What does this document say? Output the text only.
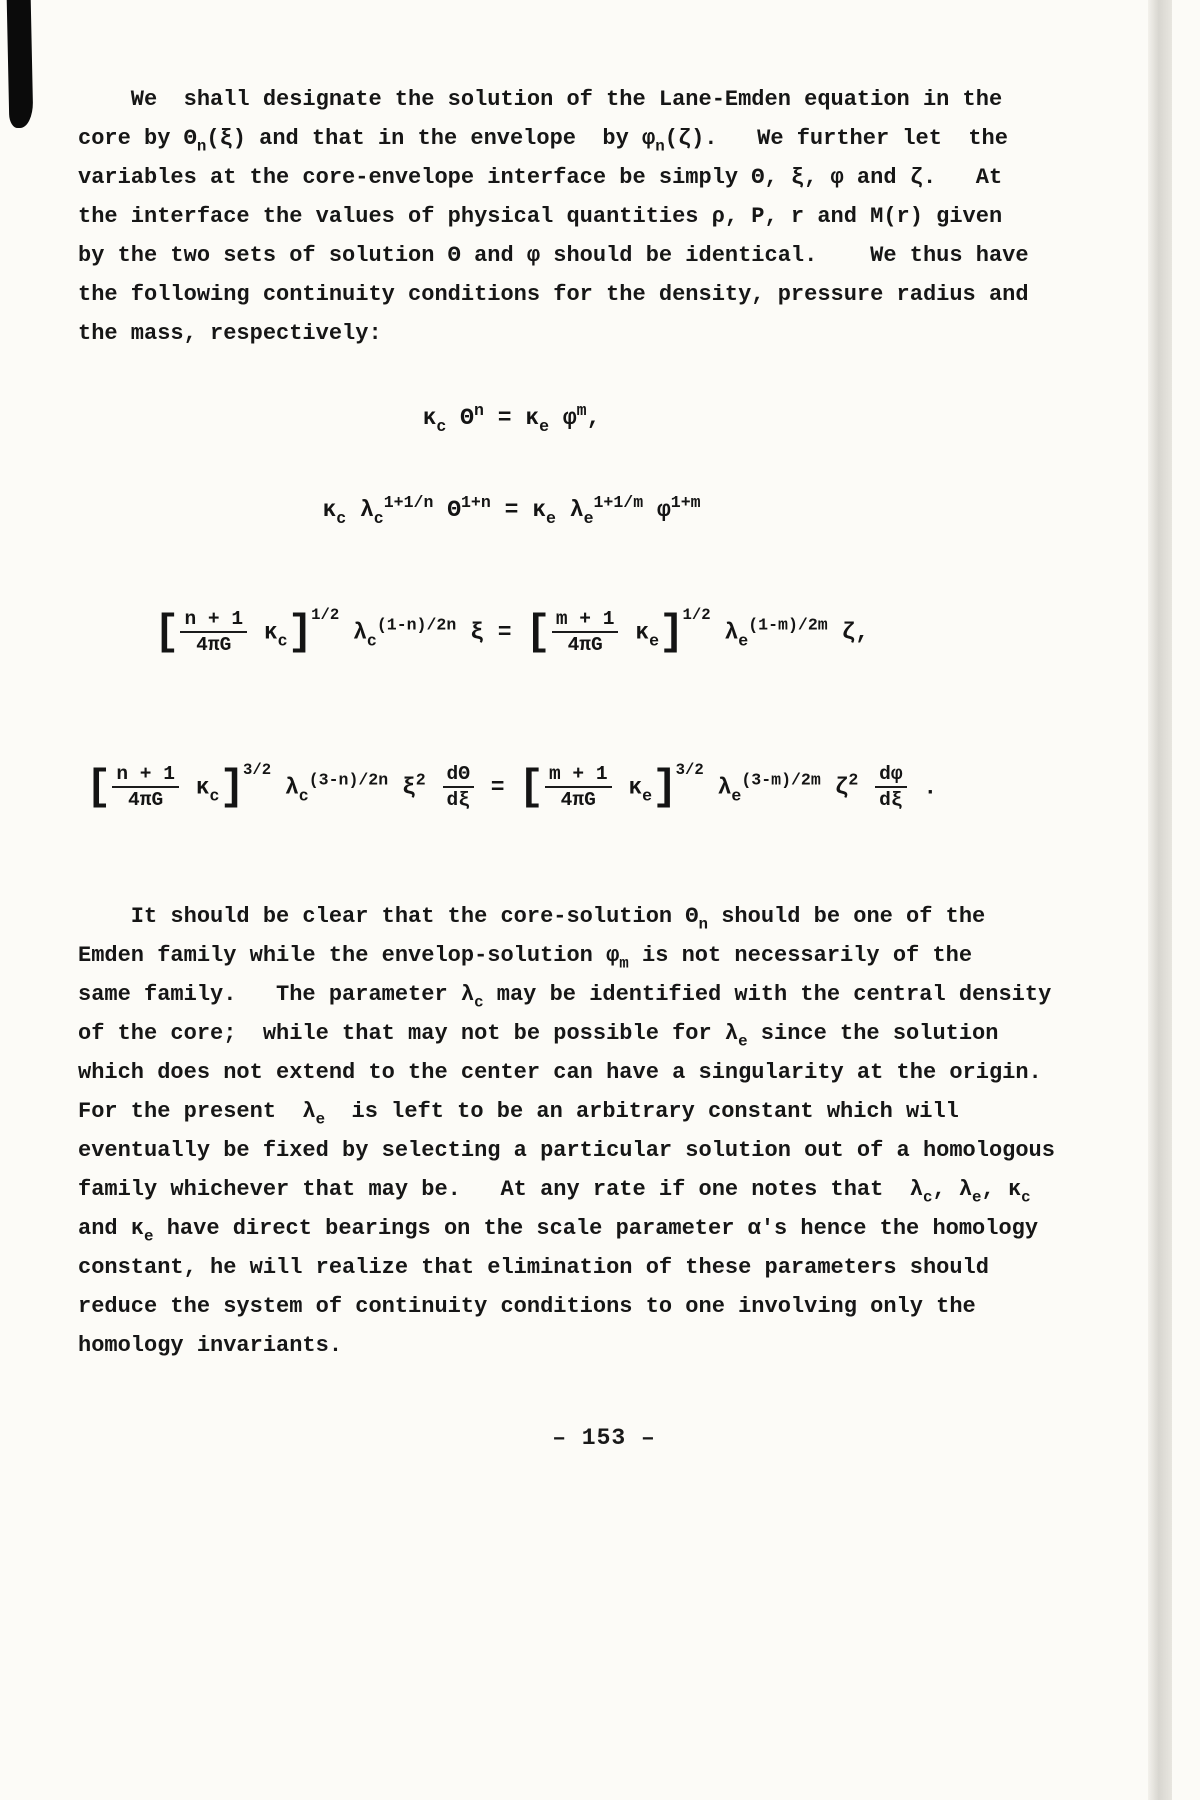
We  shall designate the solution of the Lane-Emden equation in the
core by $\Theta_n(\xi)$ and that in the envelope  by $\varphi_n(\zeta)$.   We further let  the
variables at the core-envelope interface be simply Θ, ξ, φ and ζ.   At
the interface the values of physical quantities ρ, P, r and M(r) given
by the two sets of solution Θ and φ should be identical.    We thus have
the following continuity conditions for the density, pressure radius and
the mass, respectively:
$\kappa_c$ $\Theta^n = \kappa_e$ $\varphi^m$,
$\kappa_c$ $\lambda_c^{1+1/n}$ $\Theta^{1+n} = \kappa_e$ $\lambda_e^{1+1/m}$ $\varphi^{1+m}$
[ $\frac{n + 1}{4\pi G} \kappa_c]^{1/2}$ $\lambda_c^{(1-n)/2n}$ ξ = [ $\frac{m + 1}{4\pi G} \kappa_e]^{1/2}$ $\lambda_e^{(1-m)/2m}$ ζ,
[ $\frac{n + 1}{4\pi G} \kappa_c]^{3/2}$ $\lambda_c^{(3-n)/2n}$ $\xi^2 \frac{d\Theta}{d\xi}$ = [ $\frac{m + 1}{4\pi G} \kappa_e]^{3/2}$ $\lambda_e^{(3-m)/2m}$ $\zeta^2 \frac{d\varphi}{d\xi}$ .
It should be clear that the core-solution $\Theta_n$ should be one of the
Emden family while the envelop-solution $\varphi_m$ is not necessarily of the
same family.   The parameter $\lambda_c$ may be identified with the central density
of the core;  while that may not be possible for $\lambda_e$ since the solution
which does not extend to the center can have a singularity at the origin.
For the present  $\lambda_e$  is left to be an arbitrary constant which will
eventually be fixed by selecting a particular solution out of a homologous
family whichever that may be.   At any rate if one notes that  $\lambda_c$, $\lambda_e$, $\kappa_c$
and $\kappa_e$ have direct bearings on the scale parameter α's hence the homology
constant, he will realize that elimination of these parameters should
reduce the system of continuity conditions to one involving only the
homology invariants.
– 153 –
